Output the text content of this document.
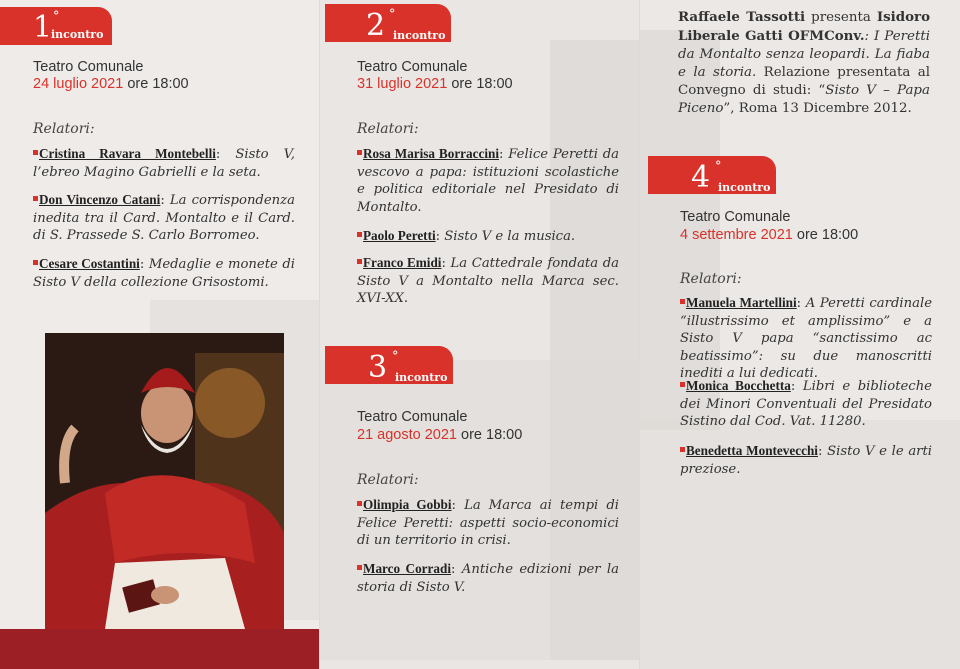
1 °
incontro
Teatro Comunale
24 luglio 2021 ore 18:00
Relatori:
Cristina Ravara Montebelli: Sisto V, l’ebreo Magino Gabrielli e la seta.
Don Vincenzo Catani: La corrispondenza inedita tra il Card. Montalto e il Card. di S. Prassede S. Carlo Borromeo.
Cesare Costantini: Medaglie e monete di Sisto V della collezione Grisostomi.
2 °
incontro
Teatro Comunale
31 luglio 2021 ore 18:00
Relatori:
Rosa Marisa Borraccini: Felice Peretti da vescovo a papa: istituzioni scolastiche e politica editoriale nel Presidato di Montalto.
Paolo Peretti: Sisto V e la musica.
Franco Emidi: La Cattedrale fondata da Sisto V a Montalto nella Marca sec. XVI-XX.
3 °
incontro
Teatro Comunale
21 agosto 2021 ore 18:00
Relatori:
Olimpia Gobbi: La Marca ai tempi di Felice Peretti: aspetti socio-economici di un territorio in crisi.
Marco Corradi: Antiche edizioni per la storia di Sisto V.
Raffaele Tassotti presenta Isidoro Liberale Gatti OFMConv.: I Peretti da Montalto senza leopardi. La fiaba e la storia. Relazione presentata al Convegno di studi: “Sisto V – Papa Piceno”, Roma 13 Dicembre 2012.
4 °
incontro
Teatro Comunale
4 settembre 2021 ore 18:00
Relatori:
Manuela Martellini: A Peretti cardinale “illustrissimo et amplissimo” e a Sisto V papa “sanctissimo ac beatissimo”: su due manoscritti inediti a lui dedicati.
Monica Bocchetta: Libri e biblioteche dei Minori Conventuali del Presidato Sistino dal Cod. Vat. 11280.
Benedetta Montevecchi: Sisto V e le arti preziose.
